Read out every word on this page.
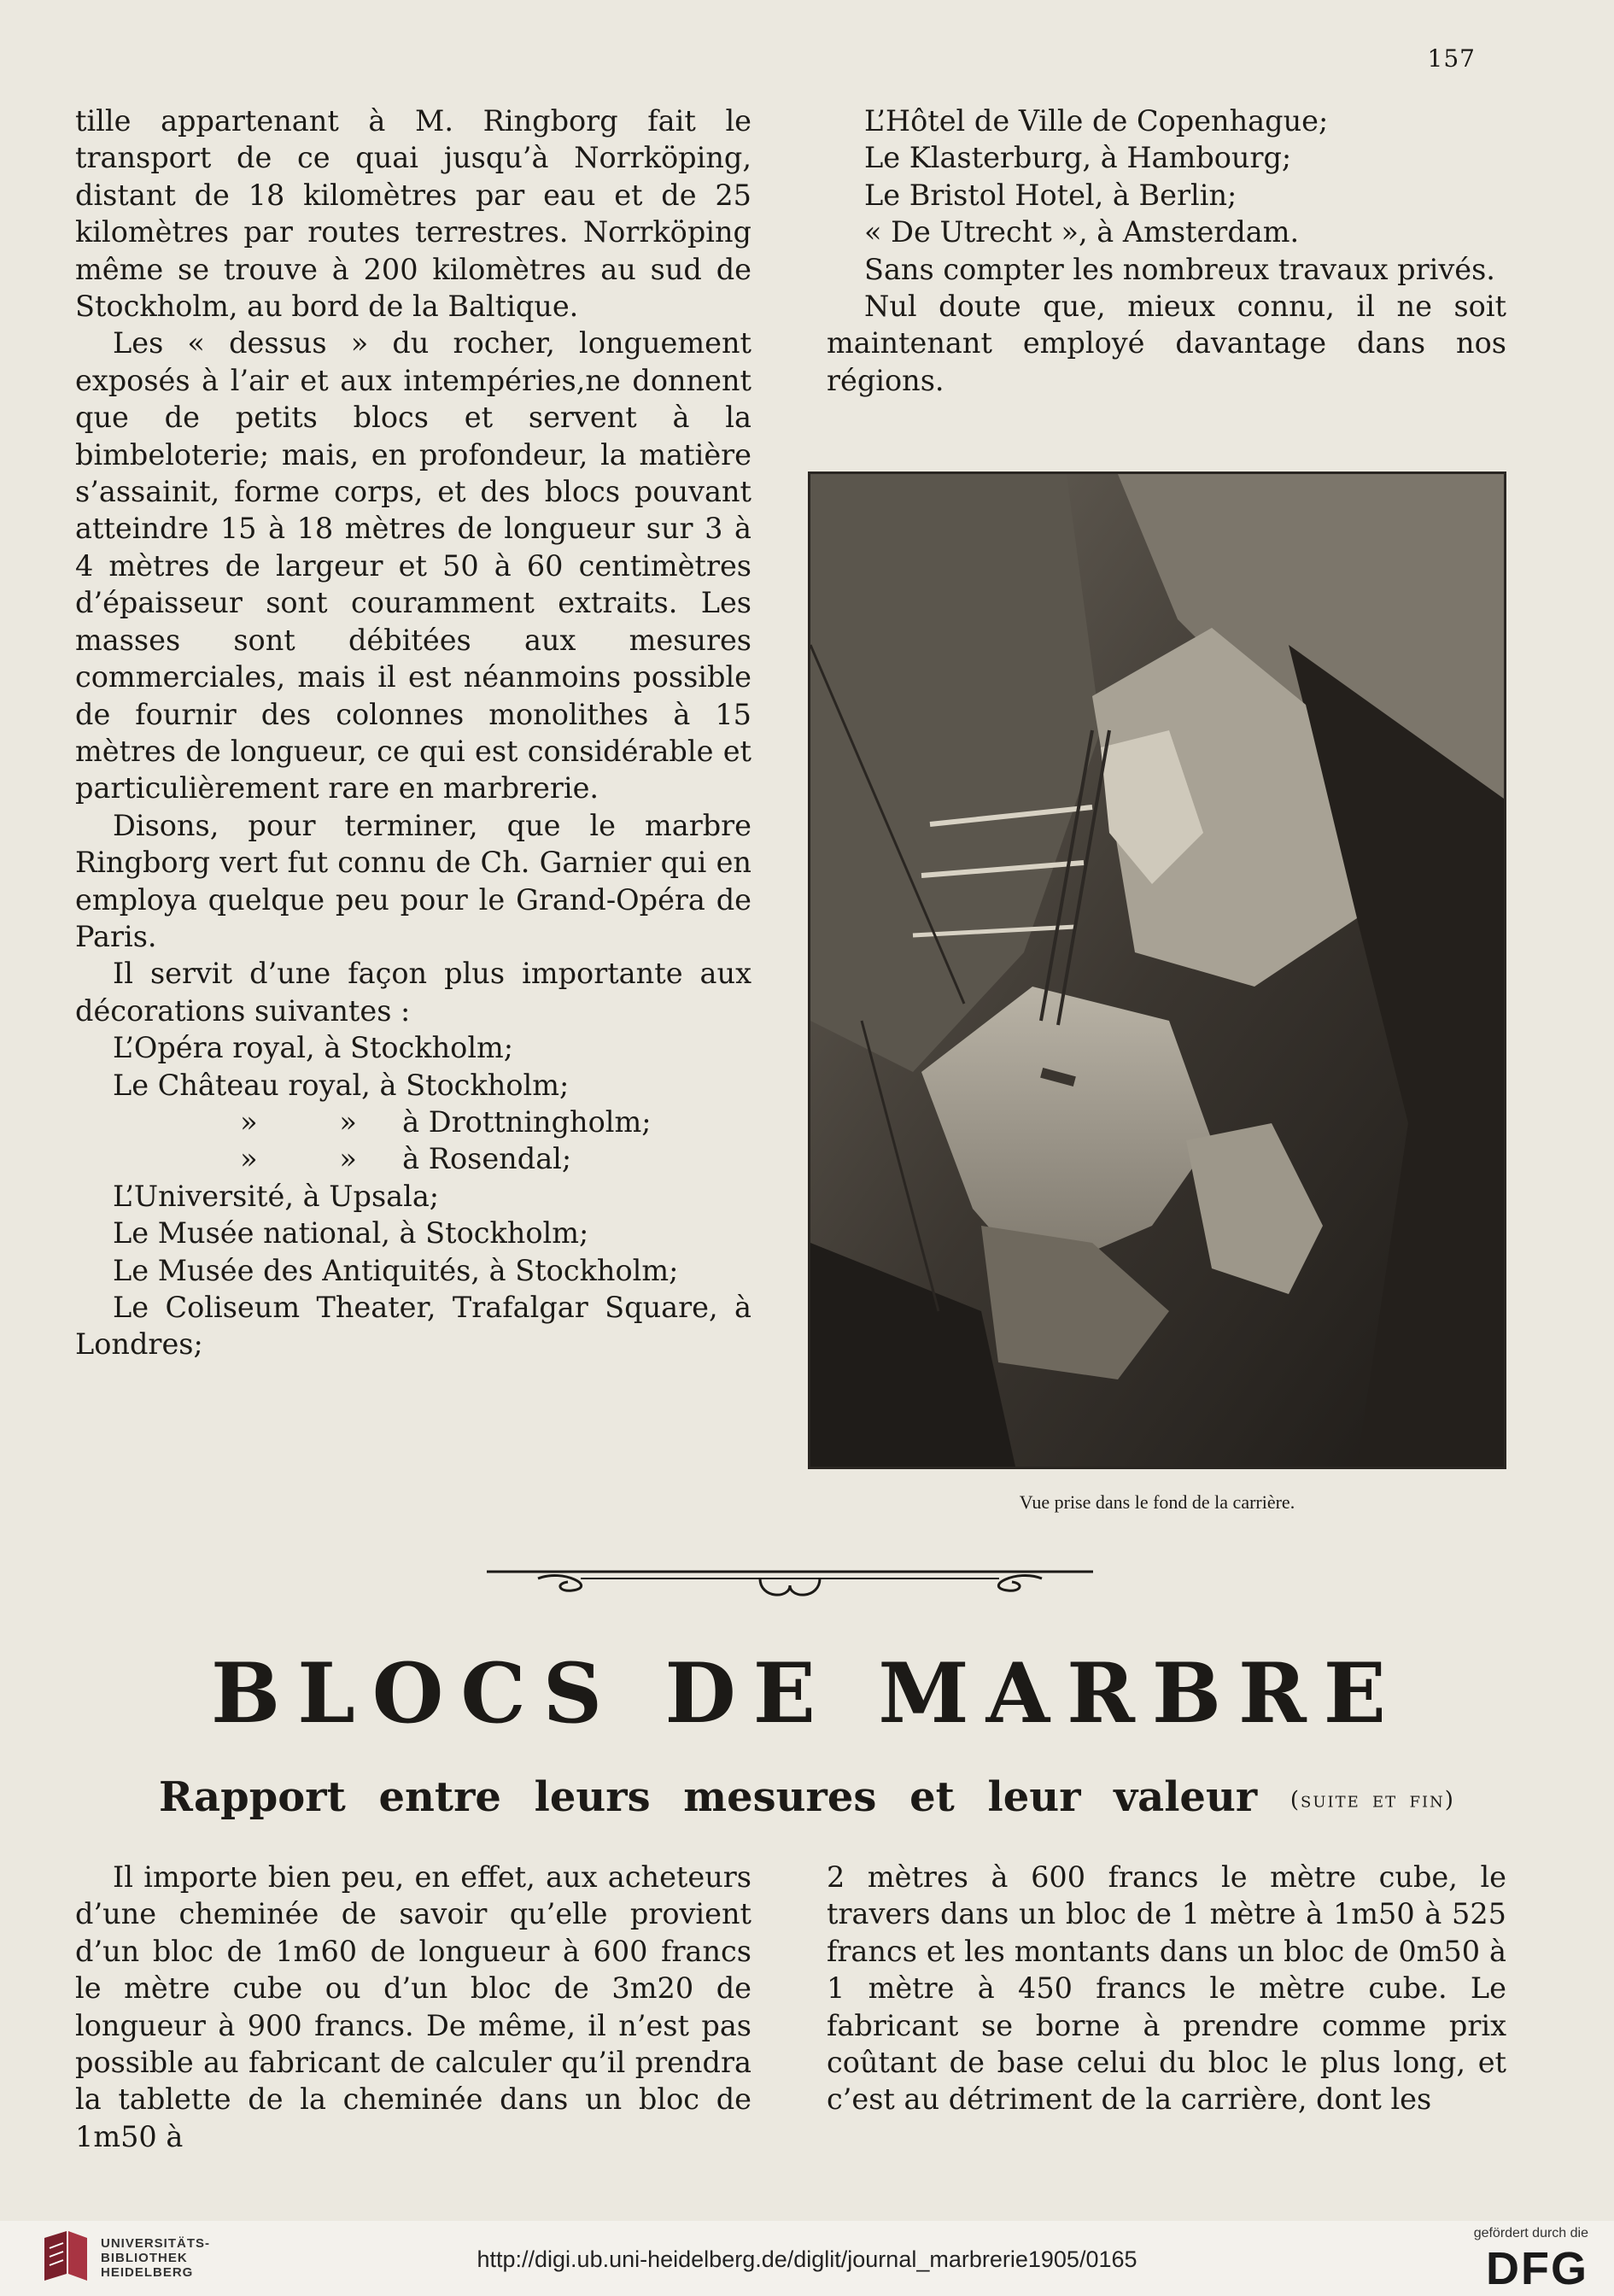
157

tille appartenant à M. Ringborg fait le transport de ce quai jusqu’à Norrköping, distant de 18 kilomètres par eau et de 25 kilomètres par routes terrestres. Norrköping même se trouve à 200 kilomètres au sud de Stockholm, au bord de la Baltique.

Les « dessus » du rocher, longuement exposés à l’air et aux intempéries,ne donnent que de petits blocs et servent à la bimbeloterie; mais, en profondeur, la matière s’assainit, forme corps, et des blocs pouvant atteindre 15 à 18 mètres de longueur sur 3 à 4 mètres de largeur et 50 à 60 centimètres d’épaisseur sont couramment extraits. Les masses sont débitées aux mesures commerciales, mais il est néanmoins possible de fournir des colonnes monolithes à 15 mètres de longueur, ce qui est considérable et particulièrement rare en marbrerie.

Disons, pour terminer, que le marbre Ringborg vert fut connu de Ch. Garnier qui en employa quelque peu pour le Grand-Opéra de Paris.

Il servit d’une façon plus importante aux décorations suivantes :

L’Opéra royal, à Stockholm;

Le Château royal, à Stockholm;

»         »     à Drottningholm;

»         »     à Rosendal;

L’Université, à Upsala;

Le Musée national, à Stockholm;

Le Musée des Antiquités, à Stockholm;

Le Coliseum Theater, Trafalgar Square, à Londres;

L’Hôtel de Ville de Copenhague;

Le Klasterburg, à Hambourg;

Le Bristol Hotel, à Berlin;

« De Utrecht », à Amsterdam.

Sans compter les nombreux travaux privés.

Nul doute que, mieux connu, il ne soit maintenant employé davantage dans nos régions.

Vue prise dans le fond de la carrière.
BLOCS DE MARBRE
Rapport entre leurs mesures et leur valeur (suite et fin)

Il importe bien peu, en effet, aux acheteurs d’une cheminée de savoir qu’elle provient d’un bloc de 1m60 de longueur à 600 francs le mètre cube ou d’un bloc de 3m20 de longueur à 900 francs. De même, il n’est pas possible au fabricant de calculer qu’il prendra la tablette de la cheminée dans un bloc de 1m50 à

2 mètres à 600 francs le mètre cube, le travers dans un bloc de 1 mètre à 1m50 à 525 francs et les montants dans un bloc de 0m50 à 1 mètre à 450 francs le mètre cube. Le fabricant se borne à prendre comme prix coûtant de base celui du bloc le plus long, et c’est au détriment de la carrière, dont les

UNIVERSITÄTS-
BIBLIOTHEK
HEIDELBERG
http://digi.ub.uni-heidelberg.de/diglit/journal_marbrerie1905/0165
gefördert durch die
DFG
